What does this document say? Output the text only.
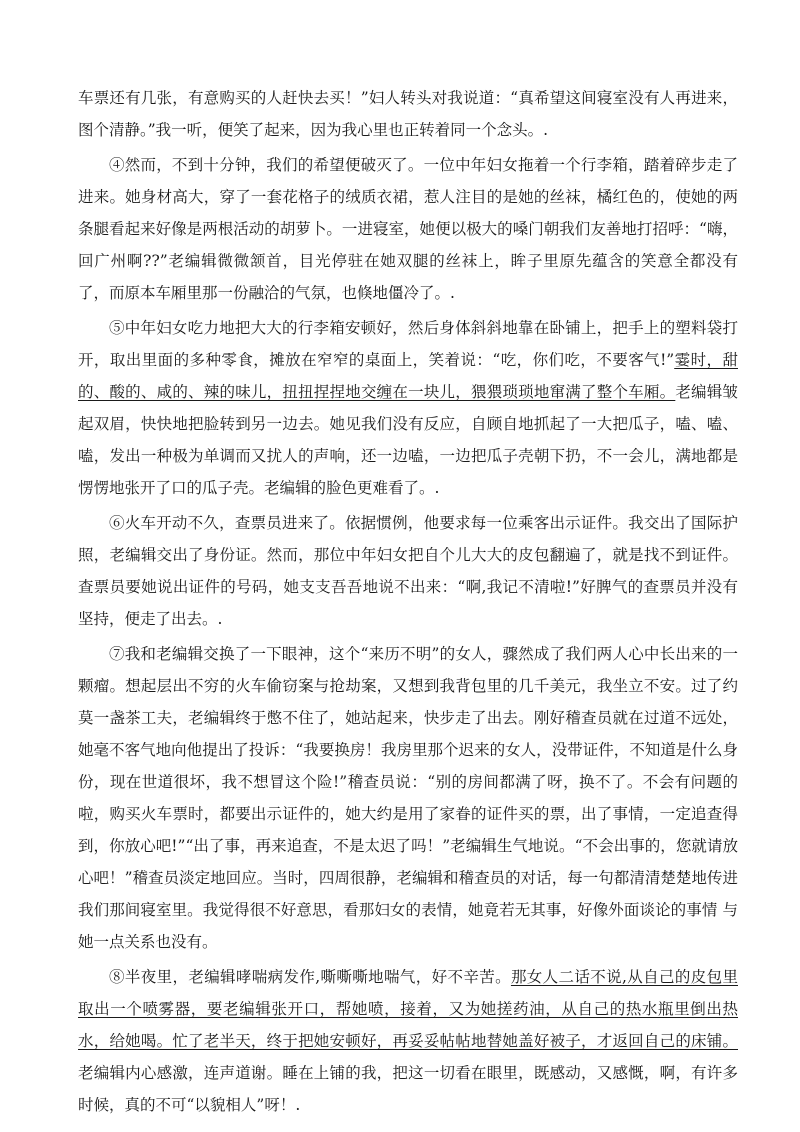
车票还有几张，有意购买的人赶快去买！”妇人转头对我说道：“真希望这间寝室没有人再进来，图个清静。”我一听，便笑了起来，因为我心里也正转着同一个念头。.

④然而，不到十分钟，我们的希望便破灭了。一位中年妇女拖着一个行李箱，踏着碎步走了进来。她身材高大，穿了一套花格子的绒质衣裙，惹人注目的是她的丝袜，橘红色的，使她的两条腿看起来好像是两根活动的胡萝卜。一进寝室，她便以极大的嗓门朝我们友善地打招呼：“嗨，回广州啊??”老编辑微微颔首，目光停驻在她双腿的丝袜上，眸子里原先蕴含的笑意全都没有了，而原本车厢里那一份融洽的气氛，也倏地僵冷了。.

⑤中年妇女吃力地把大大的行李箱安顿好，然后身体斜斜地靠在卧铺上，把手上的塑料袋打开，取出里面的多种零食，摊放在窄窄的桌面上，笑着说：“吃，你们吃，不要客气!”霎时，甜的、酸的、咸的、辣的味儿，扭扭捏捏地交缠在一块儿，猥猥琐琐地窜满了整个车厢。老编辑皱起双眉，快快地把脸转到另一边去。她见我们没有反应，自顾自地抓起了一大把瓜子，嗑、嗑、嗑，发出一种极为单调而又扰人的声响，还一边嗑，一边把瓜子壳朝下扔，不一会儿，满地都是愣愣地张开了口的瓜子壳。老编辑的脸色更难看了。.

⑥火车开动不久，查票员进来了。依据惯例，他要求每一位乘客出示证件。我交出了国际护照，老编辑交出了身份证。然而，那位中年妇女把自个儿大大的皮包翻遍了，就是找不到证件。查票员要她说出证件的号码，她支支吾吾地说不出来：“啊,我记不清啦!”好脾气的查票员并没有坚持，便走了出去。.

⑦我和老编辑交换了一下眼神，这个“来历不明”的女人，骤然成了我们两人心中长出来的一颗瘤。想起层出不穷的火车偷窃案与抢劫案，又想到我背包里的几千美元，我坐立不安。过了约莫一盏茶工夫，老编辑终于憋不住了，她站起来，快步走了出去。刚好稽查员就在过道不远处，她毫不客气地向他提出了投诉：“我要换房！我房里那个迟来的女人，没带证件，不知道是什么身份，现在世道很坏，我不想冒这个险!”稽查员说：“别的房间都满了呀，换不了。不会有问题的啦，购买火车票时，都要出示证件的，她大约是用了家眷的证件买的票，出了事情，一定追查得到，你放心吧!”“出了事，再来追查，不是太迟了吗！”老编辑生气地说。“不会出事的，您就请放心吧！”稽查员淡定地回应。当时，四周很静，老编辑和稽查员的对话，每一句都清清楚楚地传进我们那间寝室里。我觉得很不好意思，看那妇女的表情，她竟若无其事，好像外面谈论的事情 与她一点关系也没有。

⑧半夜里，老编辑哮喘病发作,嘶嘶嘶地喘气，好不辛苦。那女人二话不说,从自己的皮包里取出一个喷雾器，要老编辑张开口，帮她喷，接着，又为她搓药油，从自己的热水瓶里倒出热水，给她喝。忙了老半天，终于把她安顿好，再妥妥帖帖地替她盖好被子，才返回自己的床铺。 老编辑内心感激，连声道谢。睡在上铺的我，把这一切看在眼里，既感动，又感慨，啊，有许多时候，真的不可“以貌相人”呀！.
